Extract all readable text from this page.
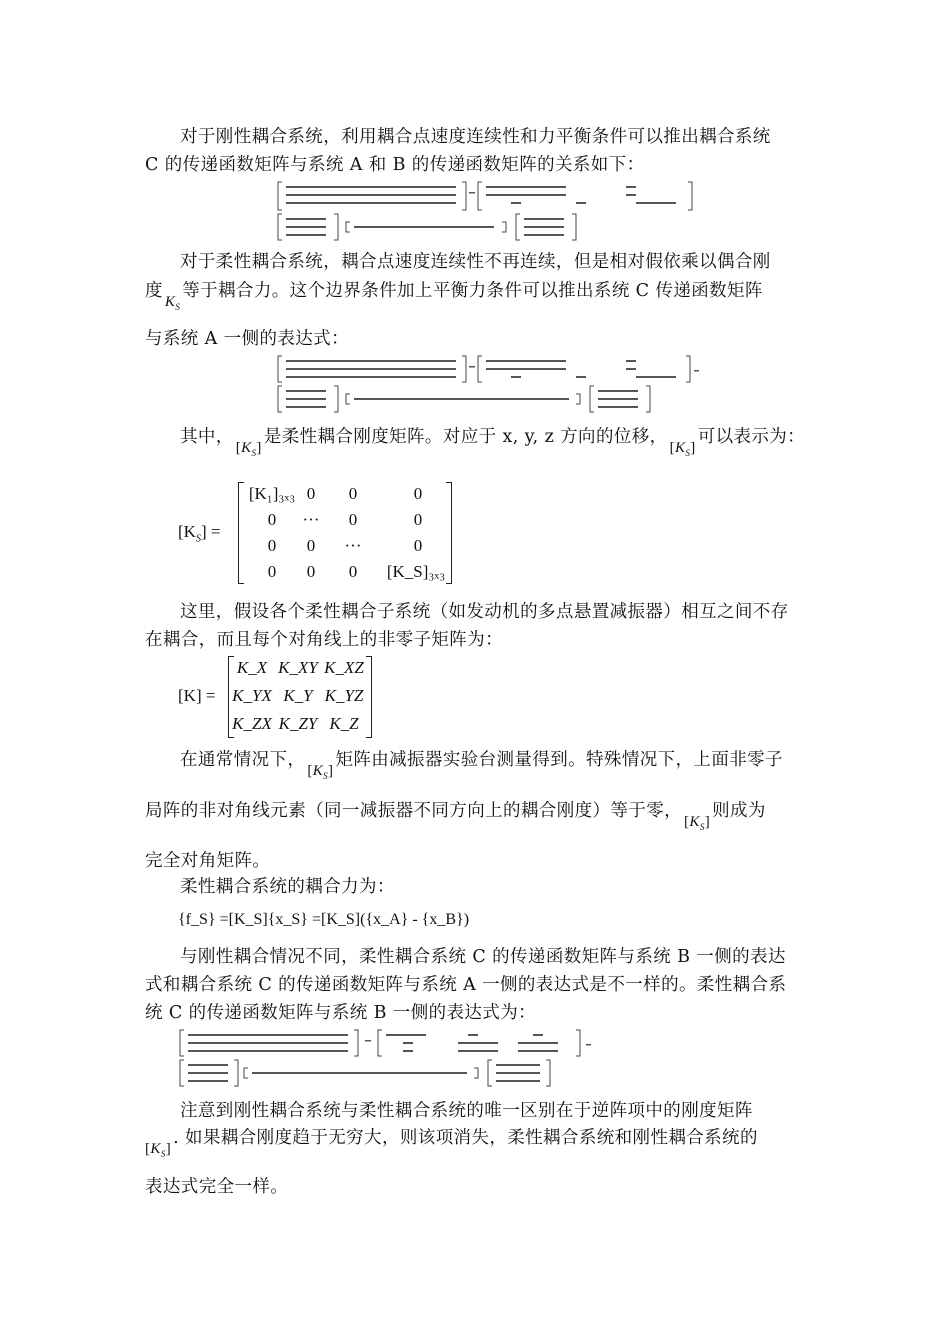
对于刚性耦合系统，利用耦合点速度连续性和力平衡条件可以推出耦合系统

C 的传递函数矩阵与系统 A 和 B 的传递函数矩阵的关系如下：

对于柔性耦合系统，耦合点速度连续性不再连续，但是相对假依乘以偶合刚

度$K_S$等于耦合力。这个边界条件加上平衡力条件可以推出系统 C 传递函数矩阵

与系统 A 一侧的表达式：

其中，$[K_S]$是柔性耦合刚度矩阵。对应于 x, y, z 方向的位移，$[K_S]$可以表示为：

$[K_S]$ =
[K₁]₃ₓ₃ 0	0	0
0	···	0	0
0	0	···	0
0	0	0	[K_S]₃ₓ₃

这里，假设各个柔性耦合子系统（如发动机的多点悬置减振器）相互之间不存

在耦合，而且每个对角线上的非零子矩阵为：

[K] =
K_X K_XY K_XZ
K_YX K_Y K_YZ
K_ZX K_ZY K_Z

在通常情况下，$[K_S]$矩阵由减振器实验台测量得到。特殊情况下，上面非零子

局阵的非对角线元素（同一减振器不同方向上的耦合刚度）等于零，$[K_S]$则成为

完全对角矩阵。

柔性耦合系统的耦合力为：

{f_S} =[K_S]{x_S} =[K_S]({x_A} - {x_B})

与刚性耦合情况不同，柔性耦合系统 C 的传递函数矩阵与系统 B 一侧的表达

式和耦合系统 C 的传递函数矩阵与系统 A 一侧的表达式是不一样的。柔性耦合系

统 C 的传递函数矩阵与系统 B 一侧的表达式为：

注意到刚性耦合系统与柔性耦合系统的唯一区别在于逆阵项中的刚度矩阵

$[K_S]$. 如果耦合刚度趋于无穷大，则该项消失，柔性耦合系统和刚性耦合系统的

表达式完全一样。
